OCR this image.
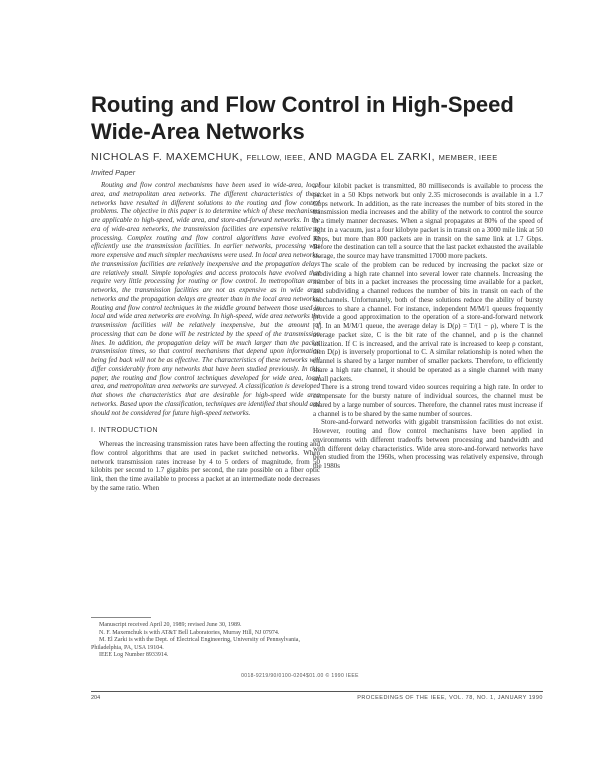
Routing and Flow Control in High-Speed
Wide-Area Networks
NICHOLAS F. MAXEMCHUK, FELLOW, IEEE, AND MAGDA EL ZARKI, MEMBER, IEEE
Invited Paper

Routing and flow control mechanisms have been used in wide-area, local area, and metropolitan area networks. The different characteristics of these networks have resulted in different solutions to the routing and flow control problems. The objective in this paper is to determine which of these mechanisms are applicable to high-speed, wide area, and store-and-forward networks. In the era of wide-area networks, the transmission facilities are expensive relative to processing. Complex routing and flow control algorithms have evolved to efficiently use the transmission facilities. In earlier networks, processing was more expensive and much simpler mechanisms were used. In local area networks, the transmission facilities are relatively inexpensive and the propagation delays are relatively small. Simple topologies and access protocols have evolved that require very little processing for routing or flow control. In metropolitan area networks, the transmission facilities are not as expensive as in wide area networks and the propagation delays are greater than in the local area networks. Routing and flow control techniques in the middle ground between those used in local and wide area networks are evolving. In high-speed, wide area networks the transmission facilities will be relatively inexpensive, but the amount of processing that can be done will be restricted by the speed of the transmission lines. In addition, the propagation delay will be much larger than the packet transmission times, so that control mechanisms that depend upon information being fed back will not be as effective. The characteristics of these networks will differ considerably from any networks that have been studied previously. In this paper, the routing and flow control techniques developed for wide area, local area, and metropolitan area networks are surveyed. A classification is developed that shows the characteristics that are desirable for high-speed wide area networks. Based upon the classification, techniques are identified that should and should not be considered for future high-speed networks.

I. INTRODUCTION

Whereas the increasing transmission rates have been affecting the routing and flow control algorithms that are used in packet switched networks. When network transmission rates increase by 4 to 5 orders of magnitude, from 50 kilobits per second to 1.7 gigabits per second, the rate possible on a fiber optic link, then the time available to process a packet at an intermediate node decreases by the same ratio. When

Manuscript received April 20, 1989; revised June 30, 1989.

N. F. Maxemchuk is with AT&T Bell Laboratories, Murray Hill, NJ 07974.

M. El Zarki is with the Dept. of Electrical Engineering, University of Pennsylvania, Philadelphia, PA, USA 19104.

IEEE Log Number 8933914.

a four kilobit packet is transmitted, 80 milliseconds is available to process the packet in a 50 Kbps network but only 2.35 microseconds is available in a 1.7 Gbps network. In addition, as the rate increases the number of bits stored in the transmission media increases and the ability of the network to control the source in a timely manner decreases. When a signal propagates at 80% of the speed of light in a vacuum, just a four kilobyte packet is in transit on a 3000 mile link at 50 Kbps, but more than 800 packets are in transit on the same link at 1.7 Gbps. Before the destination can tell a source that the last packet exhausted the available storage, the source may have transmitted 17000 more packets.

The scale of the problem can be reduced by increasing the packet size or subdividing a high rate channel into several lower rate channels. Increasing the number of bits in a packet increases the processing time available for a packet, and subdividing a channel reduces the number of bits in transit on each of the subchannels. Unfortunately, both of these solutions reduce the ability of bursty sources to share a channel. For instance, independent M/M/1 queues frequently provide a good approximation to the operation of a store-and-forward network [1]. In an M/M/1 queue, the average delay is D(ρ) = T/(1 − ρ), where T is the average packet size, C is the bit rate of the channel, and ρ is the channel utilization. If C is increased, and the arrival rate is increased to keep ρ constant, then D(ρ) is inversely proportional to C. A similar relationship is noted when the channel is shared by a larger number of smaller packets. Therefore, to efficiently share a high rate channel, it should be operated as a single channel with many small packets.

There is a strong trend toward video sources requiring a high rate. In order to compensate for the bursty nature of individual sources, the channel must be shared by a large number of sources. Therefore, the channel rates must increase if a channel is to be shared by the same number of sources.

Store-and-forward networks with gigabit transmission facilities do not exist. However, routing and flow control mechanisms have been applied in environments with different tradeoffs between processing and bandwidth and with different delay characteristics. Wide area store-and-forward networks have been studied from the 1960s, when processing was relatively expensive, through the 1980s

0018-9219/90/0100-0204$01.00 © 1990 IEEE
204	PROCEEDINGS OF THE IEEE, VOL. 78, NO. 1, JANUARY 1990
